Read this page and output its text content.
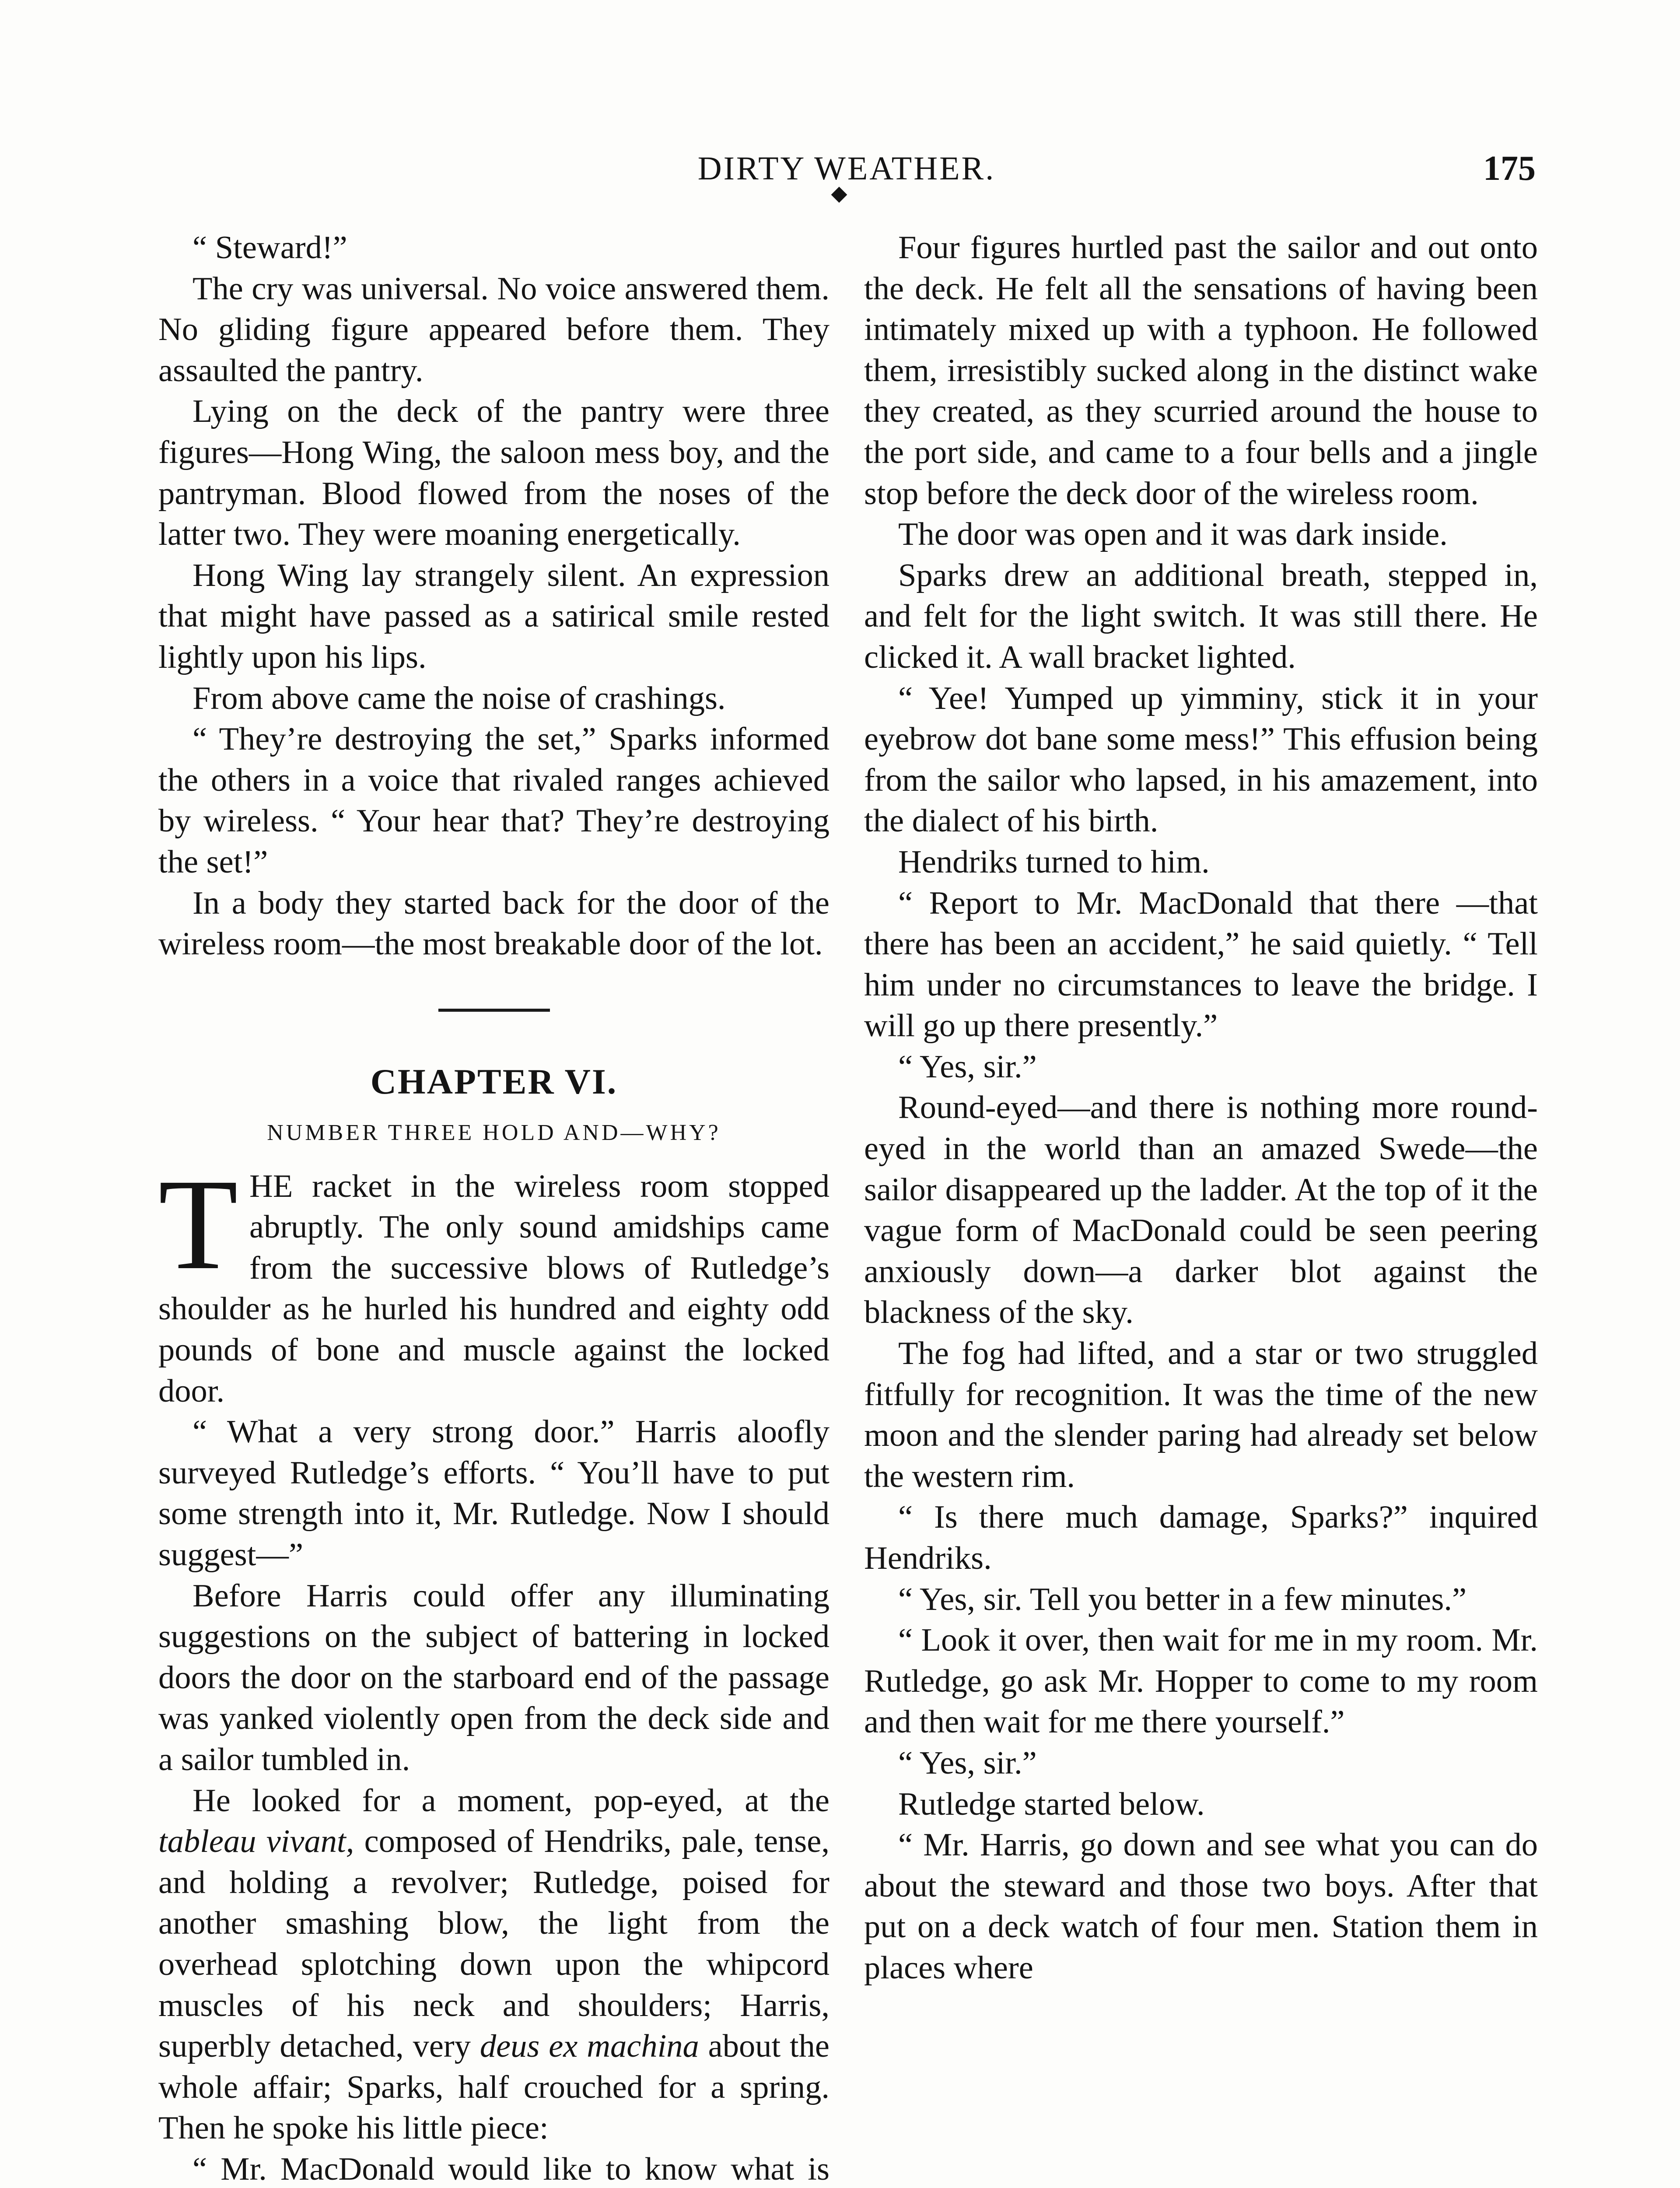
DIRTY WEATHER.	175

“ Steward!”

The cry was universal. No voice answered them. No gliding figure appeared before them. They assaulted the pantry.

Lying on the deck of the pantry were three figures—Hong Wing, the saloon mess boy, and the pantryman. Blood flowed from the noses of the latter two. They were moaning energetically.

Hong Wing lay strangely silent. An expression that might have passed as a satirical smile rested lightly upon his lips.

From above came the noise of crashings.

“ They’re destroying the set,” Sparks informed the others in a voice that rivaled ranges achieved by wireless. “ Your hear that? They’re destroying the set!”

In a body they started back for the door of the wireless room—the most breakable door of the lot.

CHAPTER VI.
NUMBER THREE HOLD AND—WHY?

THE racket in the wireless room stopped abruptly. The only sound amidships came from the successive blows of Rutledge’s shoulder as he hurled his hundred and eighty odd pounds of bone and muscle against the locked door.

“ What a very strong door.” Harris aloofly surveyed Rutledge’s efforts. “ You’ll have to put some strength into it, Mr. Rutledge. Now I should suggest—”

Before Harris could offer any illuminating suggestions on the subject of battering in locked doors the door on the starboard end of the passage was yanked violently open from the deck side and a sailor tumbled in.

He looked for a moment, pop-eyed, at the tableau vivant, composed of Hendriks, pale, tense, and holding a revolver; Rutledge, poised for another smashing blow, the light from the overhead splotching down upon the whipcord muscles of his neck and shoulders; Harris, superbly detached, very deus ex machina about the whole affair; Sparks, half crouched for a spring. Then he spoke his little piece:

“ Mr. MacDonald would like to know what is

Four figures hurtled past the sailor and out onto the deck. He felt all the sensations of having been intimately mixed up with a typhoon. He followed them, irresistibly sucked along in the distinct wake they created, as they scurried around the house to the port side, and came to a four bells and a jingle stop before the deck door of the wireless room.

The door was open and it was dark inside.

Sparks drew an additional breath, stepped in, and felt for the light switch. It was still there. He clicked it. A wall bracket lighted.

“ Yee! Yumped up yimminy, stick it in your eyebrow dot bane some mess!” This effusion being from the sailor who lapsed, in his amazement, into the dialect of his birth.

Hendriks turned to him.

“ Report to Mr. MacDonald that there —that there has been an accident,” he said quietly. “ Tell him under no circumstances to leave the bridge. I will go up there presently.”

“ Yes, sir.”

Round-eyed—and there is nothing more round-eyed in the world than an amazed Swede—the sailor disappeared up the ladder. At the top of it the vague form of MacDonald could be seen peering anxiously down—a darker blot against the blackness of the sky.

The fog had lifted, and a star or two struggled fitfully for recognition. It was the time of the new moon and the slender paring had already set below the western rim.

“ Is there much damage, Sparks?” inquired Hendriks.

“ Yes, sir. Tell you better in a few minutes.”

“ Look it over, then wait for me in my room. Mr. Rutledge, go ask Mr. Hopper to come to my room and then wait for me there yourself.”

“ Yes, sir.”

Rutledge started below.

“ Mr. Harris, go down and see what you can do about the steward and those two boys. After that put on a deck watch of four men. Station them in places where
